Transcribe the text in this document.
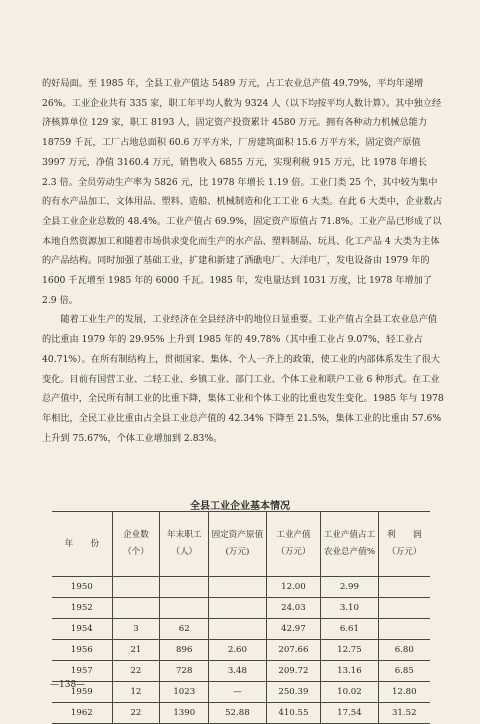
的好局面。至 1985 年，全县工业产值达 5489 万元，占工农业总产值 49.79%，平均年递增 26%。工业企业共有 335 家，职工年平均人数为 9324 人（以下均按平均人数计算）。其中独立经济核算单位 129 家，职工 8193 人，固定资产投资累计 4580 万元。拥有各种动力机械总能力 18759 千瓦，工厂占地总面积 60.6 万平方米，厂房建筑面积 15.6 万平方米，固定资产原值 3997 万元，净值 3160.4 万元，销售收入 6855 万元，实现利税 915 万元，比 1978 年增长 2.3 倍。全员劳动生产率为 5826 元，比 1978 年增长 1.19 倍。工业门类 25 个，其中较为集中的有水产品加工、文体用品、塑料、造船、机械制造和化工工业 6 大类。在此 6 大类中，企业数占全县工业企业总数的 48.4%。工业产值占 69.9%，固定资产原值占 71.8%。工业产品已形成了以本地自然资源加工和随着市场供求变化而生产的水产品、塑料制品、玩具、化工产品 4 大类为主体的产品结构。同时加强了基础工业，扩建和新建了洒礁电厂、大洋电厂，发电设备由 1979 年的 1600 千瓦增至 1985 年的 6000 千瓦。1985 年，发电量达到 1031 万度，比 1978 年增加了 2.9 倍。

随着工业生产的发展，工业经济在全县经济中的地位日显重要。工业产值占全县工农业总产值的比重由 1979 年的 29.95% 上升到 1985 年的 49.78%（其中重工业占 9.07%，轻工业占 40.71%）。在所有制结构上，贯彻国家、集体、个人一齐上的政策，使工业的内部体系发生了很大变化。目前有国营工业、二轻工业、乡镇工业、部门工业、个体工业和联户工业 6 种形式。在工业总产值中，全民所有制工业的比重下降，集体工业和个体工业的比重也发生变化。1985 年与 1978 年相比，全民工业比重由占全县工业总产值的 42.34% 下降至 21.5%，集体工业的比重由 57.6% 上升到 75.67%，个体工业增加到 2.83%。

全县工业企业基本情况
年　　份	企业数（个）	年末职工（人）	固定资产原值(万元)	工业产值（万元）	工业产值占工农业总产值%	利　　润（万元）
1950				12.00	2.99	
1952				24.03	3.10	
1954	3	62		42.97	6.61	
1956	21	896	2.60	207.66	12.75	6.80
1957	22	728	3.48	209.72	13.16	6.85
1959	12	1023	—	250.39	10.02	12.80
1962	22	1390	52.88	410.55	17.54	31.52
—138—
